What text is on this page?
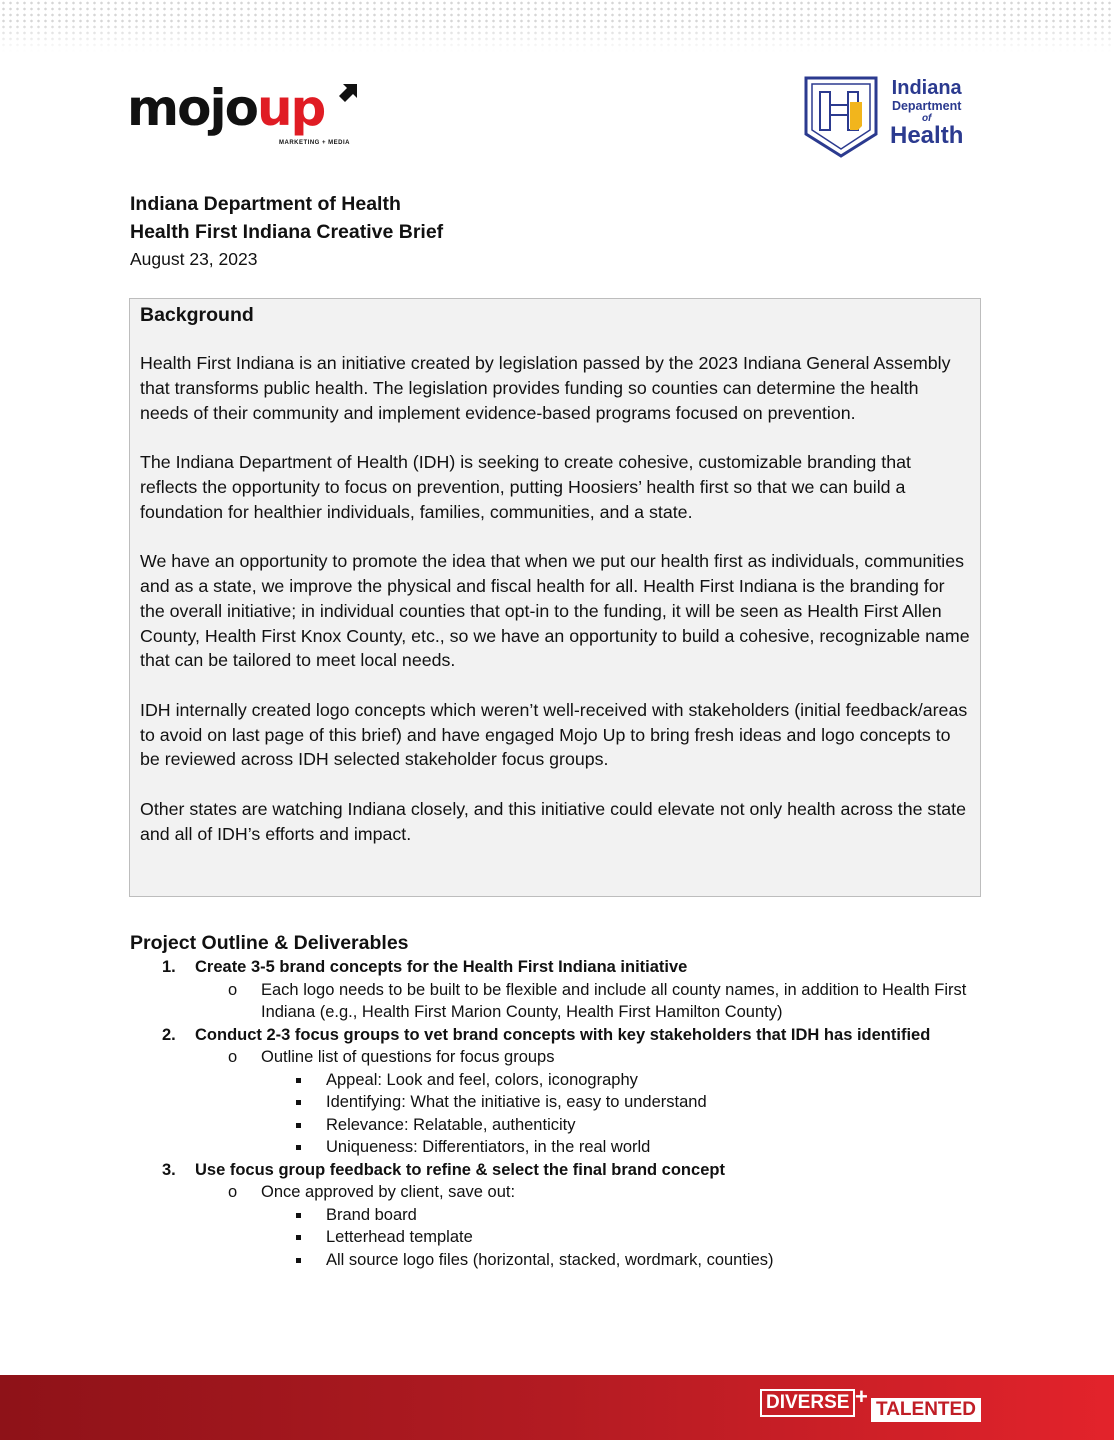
mojoup
MARKETING + MEDIA
Indiana
Department
of
Health
Indiana Department of Health
Health First Indiana Creative Brief
August 23, 2023
Background

Health First Indiana is an initiative created by legislation passed by the 2023 Indiana General Assembly that transforms public health. The legislation provides funding so counties can determine the health needs of their community and implement evidence-based programs focused on prevention.

The Indiana Department of Health (IDH) is seeking to create cohesive, customizable branding that reflects the opportunity to focus on prevention, putting Hoosiers’ health first so that we can build a foundation for healthier individuals, families, communities, and a state.

We have an opportunity to promote the idea that when we put our health first as individuals, communities and as a state, we improve the physical and fiscal health for all. Health First Indiana is the branding for the overall initiative; in individual counties that opt-in to the funding, it will be seen as Health First Allen County, Health First Knox County, etc., so we have an opportunity to build a cohesive, recognizable name that can be tailored to meet local needs.

IDH internally created logo concepts which weren’t well-received with stakeholders (initial feedback/areas to avoid on last page of this brief) and have engaged Mojo Up to bring fresh ideas and logo concepts to be reviewed across IDH selected stakeholder focus groups.

Other states are watching Indiana closely, and this initiative could elevate not only health across the state and all of IDH’s efforts and impact.

Project Outline & Deliverables
1. Create 3-5 brand concepts for the Health First Indiana initiative
o Each logo needs to be built to be flexible and include all county names, in addition to Health First Indiana (e.g., Health First Marion County, Health First Hamilton County)
2. Conduct 2-3 focus groups to vet brand concepts with key stakeholders that IDH has identified
o Outline list of questions for focus groups
Appeal: Look and feel, colors, iconography
Identifying: What the initiative is, easy to understand
Relevance: Relatable, authenticity
Uniqueness: Differentiators, in the real world
3. Use focus group feedback to refine & select the final brand concept
o Once approved by client, save out:
Brand board
Letterhead template
All source logo files (horizontal, stacked, wordmark, counties)
DIVERSE +
TALENTED
